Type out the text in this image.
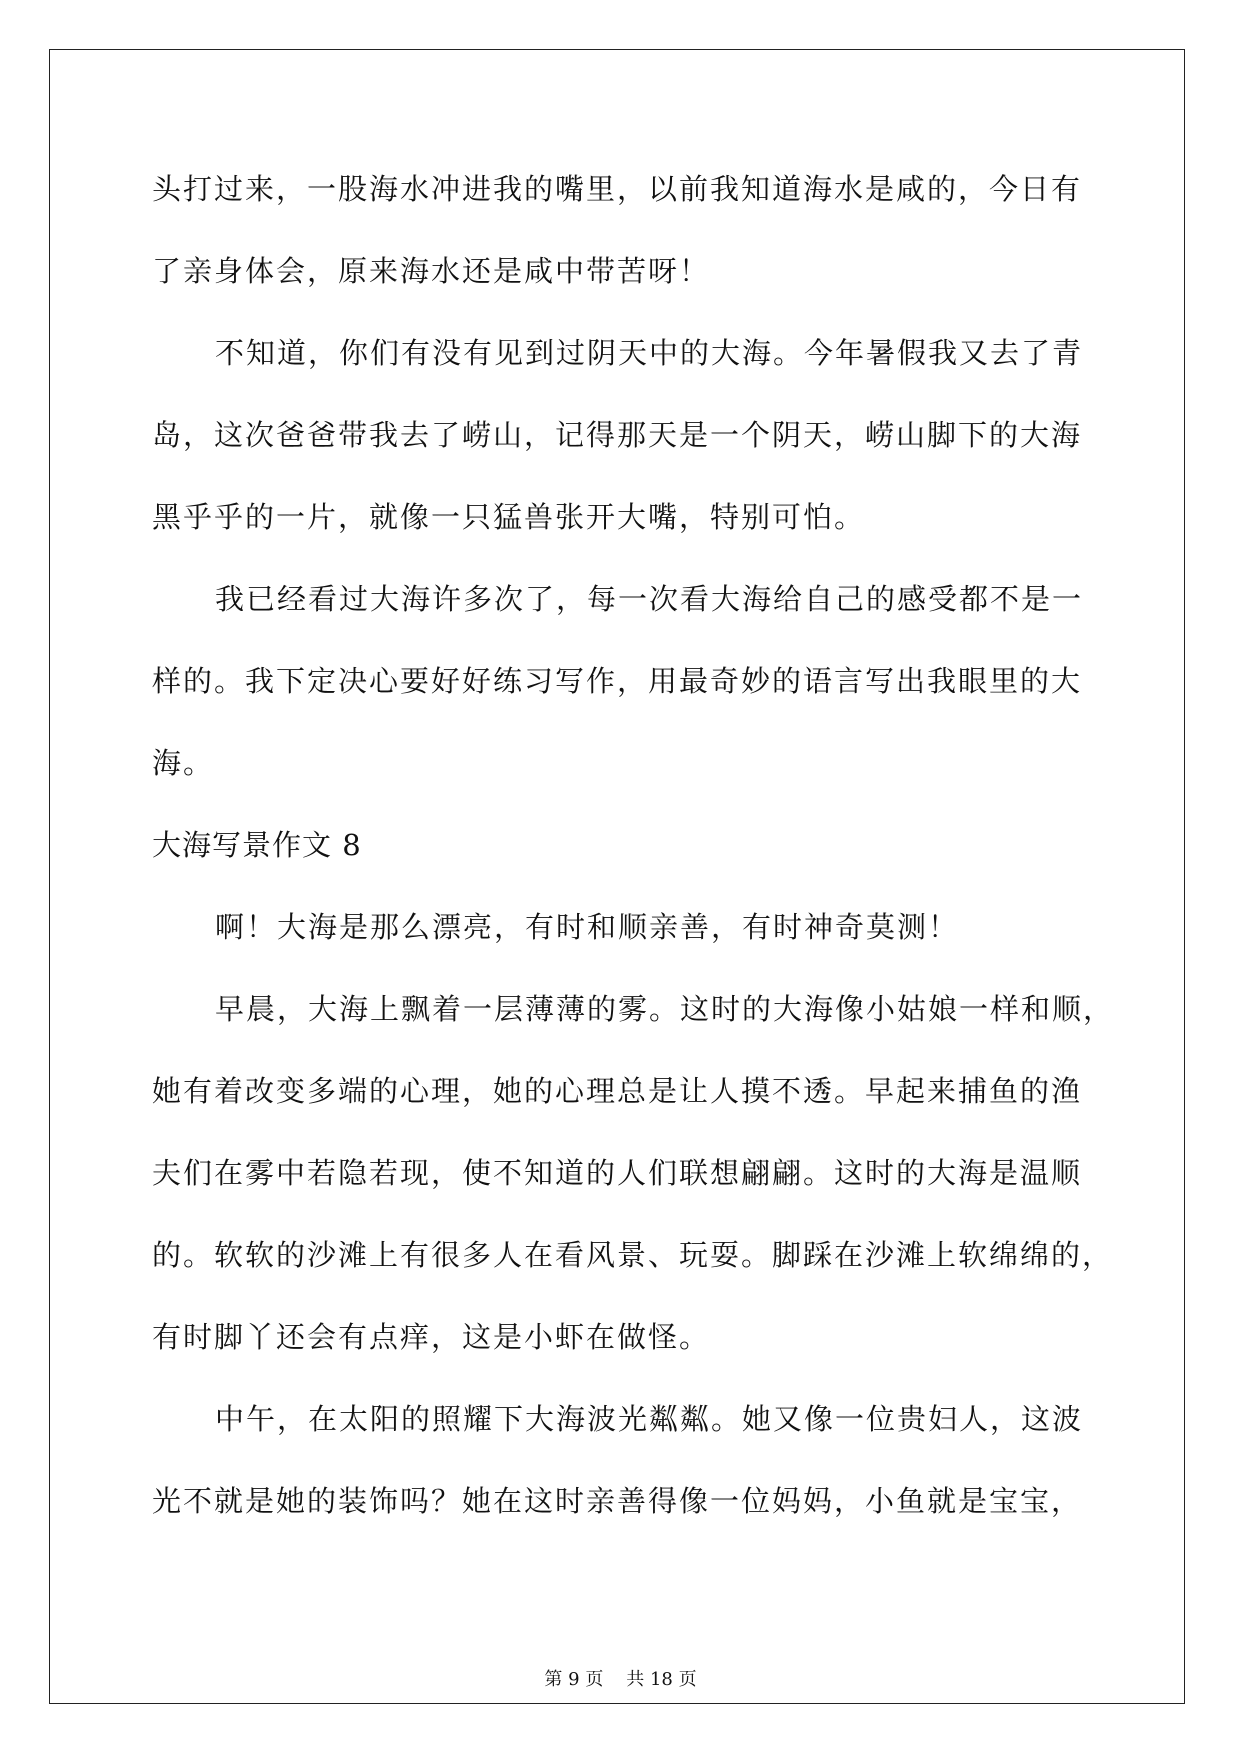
头打过来，一股海水冲进我的嘴里，以前我知道海水是咸的，今日有

了亲身体会，原来海水还是咸中带苦呀！

不知道，你们有没有见到过阴天中的大海。今年暑假我又去了青

岛，这次爸爸带我去了崂山，记得那天是一个阴天，崂山脚下的大海

黑乎乎的一片，就像一只猛兽张开大嘴，特别可怕。

我已经看过大海许多次了，每一次看大海给自己的感受都不是一

样的。我下定决心要好好练习写作，用最奇妙的语言写出我眼里的大

海。

大海写景作文 8

啊！大海是那么漂亮，有时和顺亲善，有时神奇莫测！

早晨，大海上飘着一层薄薄的雾。这时的大海像小姑娘一样和顺，

她有着改变多端的心理，她的心理总是让人摸不透。早起来捕鱼的渔

夫们在雾中若隐若现，使不知道的人们联想翩翩。这时的大海是温顺

的。软软的沙滩上有很多人在看风景、玩耍。脚踩在沙滩上软绵绵的，

有时脚丫还会有点痒，这是小虾在做怪。

中午，在太阳的照耀下大海波光粼粼。她又像一位贵妇人，这波

光不就是她的装饰吗？她在这时亲善得像一位妈妈，小鱼就是宝宝，

第 9 页 共 18 页
